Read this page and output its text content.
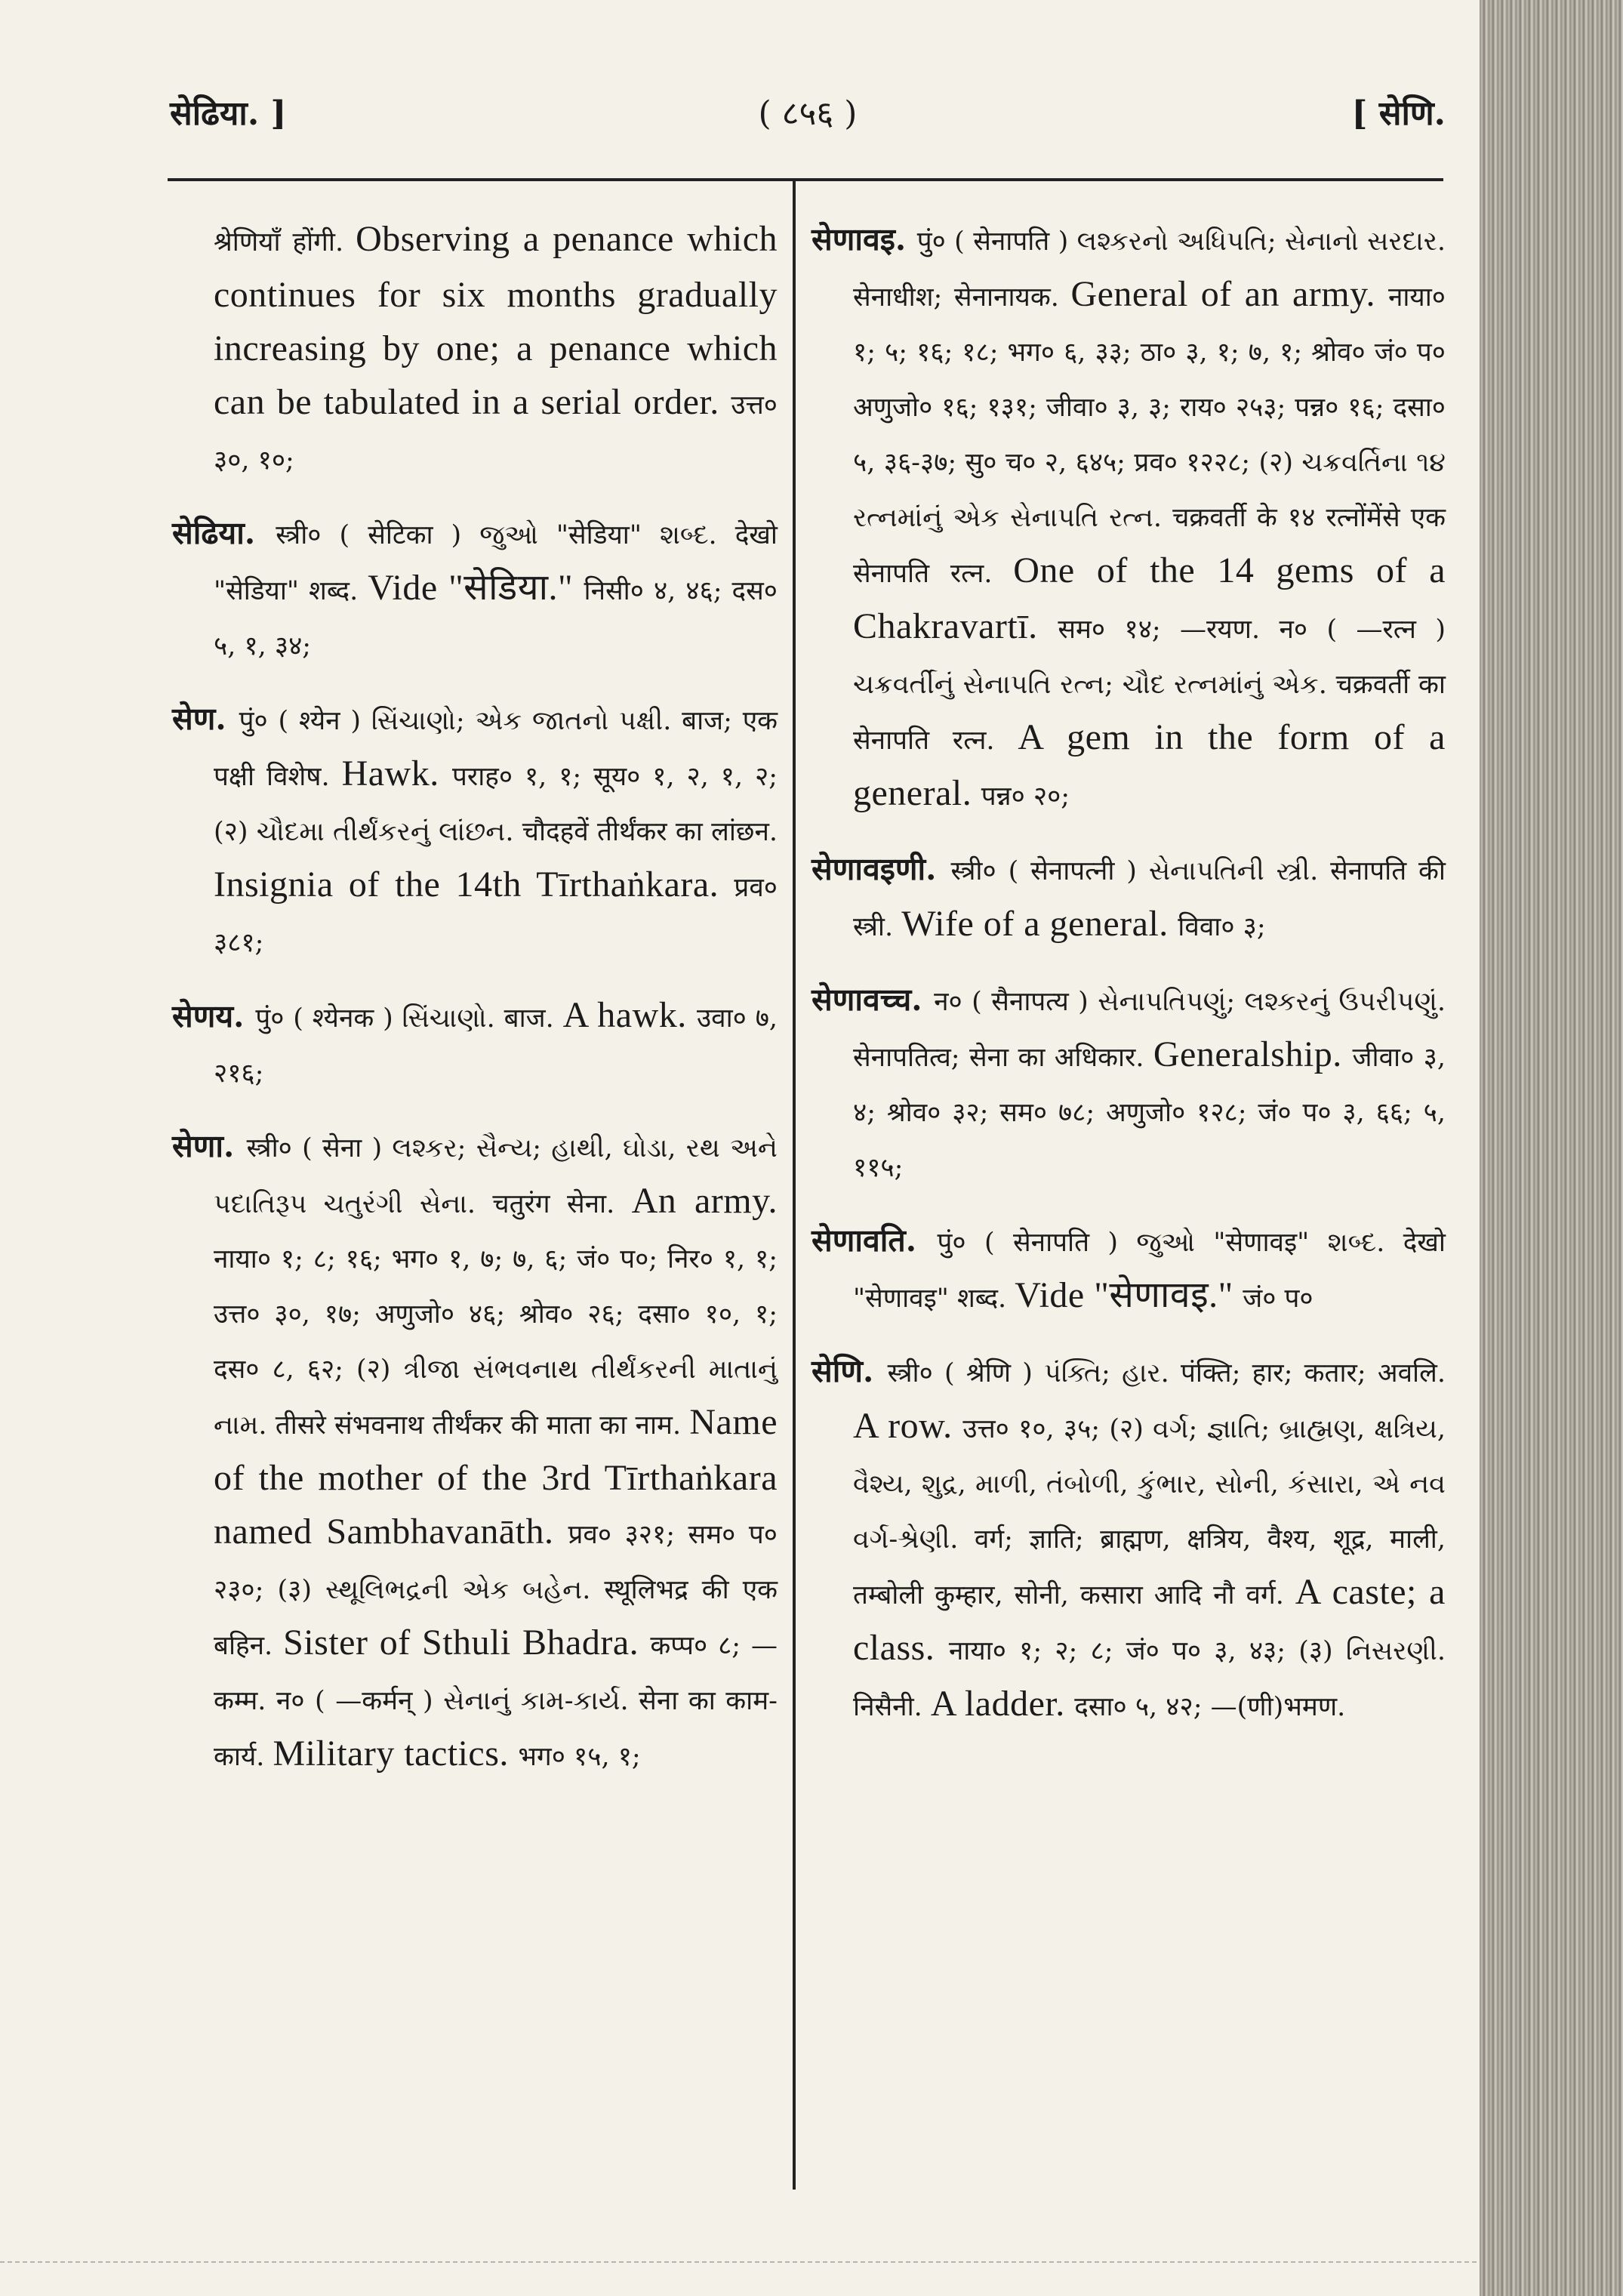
सेढिया. ]	( ८५६ )	[ सेणि.

श्रेणियाँ होंगी. Observing a penance which continues for six months gradually increasing by one; a penance which can be tabulated in a serial order. उत्त० ३०, १०;

सेढिया. स्त्री० ( सेटिका ) જુઓ "सेडिया" શબ્દ. देखो "सेडिया" शब्द. Vide "सेडिया." निसी० ४, ४६; दस० ५, १, ३४;

सेण. पुं० ( श्येन ) સિંચાણો; એક જાતનો પક્ષી. बाज; एक पक्षी विशेष. Hawk. पराह० १, १; सूय० १, २, १, २; (२) ચૌદમા તીર્થંકરનું લાંછન. चौदहवें तीर्थंकर का लांछन. Insignia of the 14th Tīrthaṅkara. प्रव० ३८१;

सेणय. पुं० ( श्येनक ) સિંચાણો. बाज. A hawk. उवा० ७, २१६;

सेणा. स्त्री० ( सेना ) લશ્કર; સૈન્ય; હાથી, ઘોડા, રથ અને પદાતિરૂપ ચતુરંગી સેના. चतुरंग सेना. An army. नाया० १; ८; १६; भग० १, ७; ७, ६; जं० प०; निर० १, १; उत्त० ३०, १७; अणुजो० ४६; श्रोव० २६; दसा० १०, १; दस० ८, ६२; (२) ત્રીજા સંભવનાથ તીર્થંકરની માતાનું નામ. तीसरे संभवनाथ तीर्थंकर की माता का नाम. Name of the mother of the 3rd Tīrthaṅkara named Sambhavanāth. प्रव० ३२१; सम० प० २३०; (३) સ્થૂલિભદ્રની એક બહેન. स्थूलिभद्र की एक बहिन. Sister of Sthuli Bhadra. कप्प० ८; —कम्म. न० ( —कर्मन् ) સેનાનું કામ-કાર્ય. सेना का काम-कार्य. Military tactics. भग० १५, १;

सेणावइ. पुं० ( सेनापति ) લશ્કરનો અધિપતિ; સેનાનો સરદાર. सेनाधीश; सेनानायक. General of an army. नाया० १; ५; १६; १८; भग० ६, ३३; ठा० ३, १; ७, १; श्रोव० जं० प० अणुजो० १६; १३१; जीवा० ३, ३; राय० २५३; पन्न० १६; दसा० ५, ३६-३७; सु० च० २, ६४५; प्रव० १२२८; (२) ચક્રવર્તિના ૧૪ રત્નમાંનું એક સેનાપતિ રત્ન. चक्रवर्ती के १४ रत्नोंमेंसे एक सेनापति रत्न. One of the 14 gems of a Chakravartī. सम० १४; —रयण. न० ( —रत्न ) ચક્રવર્તીનું સેનાપતિ રત્ન; ચૌદ રત્નમાંનું એક. चक्रवर्ती का सेनापति रत्न. A gem in the form of a general. पन्न० २०;

सेणावइणी. स्त्री० ( सेनापत्नी ) સેનાપતિની સ્ત્રી. सेनापति की स्त्री. Wife of a general. विवा० ३;

सेणावच्च. न० ( सैनापत्य ) સેનાપતિપણું; લશ્કરનું ઉપરીપણું. सेनापतित्व; सेना का अधिकार. Generalship. जीवा० ३, ४; श्रोव० ३२; सम० ७८; अणुजो० १२८; जं० प० ३, ६६; ५, ११५;

सेणावति. पुं० ( सेनापति ) જુઓ "सेणावइ" શબ્દ. देखो "सेणावइ" शब्द. Vide "सेणावइ." जं० प०

सेणि. स्त्री० ( श्रेणि ) પંક્તિ; હાર. पंक्ति; हार; कतार; अवलि. A row. उत्त० १०, ३५; (२) વર્ગ; જ્ઞાતિ; બ્રાહ્મણ, ક્ષત્રિય, વૈશ્ય, શુદ્ર, માળી, તંબોળી, કુંભાર, સોની, કંસારા, એ નવ વર્ગ-શ્રેણી. वर्ग; ज्ञाति; ब्राह्मण, क्षत्रिय, वैश्य, शूद्र, माली, तम्बोली कुम्हार, सोनी, कसारा आदि नौ वर्ग. A caste; a class. नाया० १; २; ८; जं० प० ३, ४३; (३) નિસરણી. निसैनी. A ladder. दसा० ५, ४२; —(णी)भमण.
